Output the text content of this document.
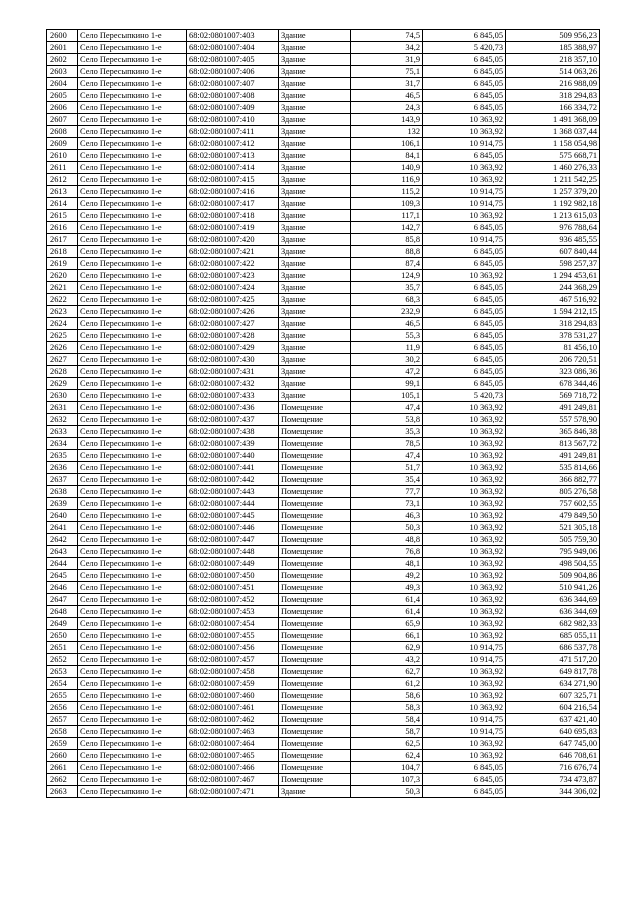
2600	Село Пересыпкино 1-е	68:02:0801007:403	Здание	74,5	6 845,05	509 956,23
2601	Село Пересыпкино 1-е	68:02:0801007:404	Здание	34,2	5 420,73	185 388,97
2602	Село Пересыпкино 1-е	68:02:0801007:405	Здание	31,9	6 845,05	218 357,10
2603	Село Пересыпкино 1-е	68:02:0801007:406	Здание	75,1	6 845,05	514 063,26
2604	Село Пересыпкино 1-е	68:02:0801007:407	Здание	31,7	6 845,05	216 988,09
2605	Село Пересыпкино 1-е	68:02:0801007:408	Здание	46,5	6 845,05	318 294,83
2606	Село Пересыпкино 1-е	68:02:0801007:409	Здание	24,3	6 845,05	166 334,72
2607	Село Пересыпкино 1-е	68:02:0801007:410	Здание	143,9	10 363,92	1 491 368,09
2608	Село Пересыпкино 1-е	68:02:0801007:411	Здание	132	10 363,92	1 368 037,44
2609	Село Пересыпкино 1-е	68:02:0801007:412	Здание	106,1	10 914,75	1 158 054,98
2610	Село Пересыпкино 1-е	68:02:0801007:413	Здание	84,1	6 845,05	575 668,71
2611	Село Пересыпкино 1-е	68:02:0801007:414	Здание	140,9	10 363,92	1 460 276,33
2612	Село Пересыпкино 1-е	68:02:0801007:415	Здание	116,9	10 363,92	1 211 542,25
2613	Село Пересыпкино 1-е	68:02:0801007:416	Здание	115,2	10 914,75	1 257 379,20
2614	Село Пересыпкино 1-е	68:02:0801007:417	Здание	109,3	10 914,75	1 192 982,18
2615	Село Пересыпкино 1-е	68:02:0801007:418	Здание	117,1	10 363,92	1 213 615,03
2616	Село Пересыпкино 1-е	68:02:0801007:419	Здание	142,7	6 845,05	976 788,64
2617	Село Пересыпкино 1-е	68:02:0801007:420	Здание	85,8	10 914,75	936 485,55
2618	Село Пересыпкино 1-е	68:02:0801007:421	Здание	88,8	6 845,05	607 840,44
2619	Село Пересыпкино 1-е	68:02:0801007:422	Здание	87,4	6 845,05	598 257,37
2620	Село Пересыпкино 1-е	68:02:0801007:423	Здание	124,9	10 363,92	1 294 453,61
2621	Село Пересыпкино 1-е	68:02:0801007:424	Здание	35,7	6 845,05	244 368,29
2622	Село Пересыпкино 1-е	68:02:0801007:425	Здание	68,3	6 845,05	467 516,92
2623	Село Пересыпкино 1-е	68:02:0801007:426	Здание	232,9	6 845,05	1 594 212,15
2624	Село Пересыпкино 1-е	68:02:0801007:427	Здание	46,5	6 845,05	318 294,83
2625	Село Пересыпкино 1-е	68:02:0801007:428	Здание	55,3	6 845,05	378 531,27
2626	Село Пересыпкино 1-е	68:02:0801007:429	Здание	11,9	6 845,05	81 456,10
2627	Село Пересыпкино 1-е	68:02:0801007:430	Здание	30,2	6 845,05	206 720,51
2628	Село Пересыпкино 1-е	68:02:0801007:431	Здание	47,2	6 845,05	323 086,36
2629	Село Пересыпкино 1-е	68:02:0801007:432	Здание	99,1	6 845,05	678 344,46
2630	Село Пересыпкино 1-е	68:02:0801007:433	Здание	105,1	5 420,73	569 718,72
2631	Село Пересыпкино 1-е	68:02:0801007:436	Помещение	47,4	10 363,92	491 249,81
2632	Село Пересыпкино 1-е	68:02:0801007:437	Помещение	53,8	10 363,92	557 578,90
2633	Село Пересыпкино 1-е	68:02:0801007:438	Помещение	35,3	10 363,92	365 846,38
2634	Село Пересыпкино 1-е	68:02:0801007:439	Помещение	78,5	10 363,92	813 567,72
2635	Село Пересыпкино 1-е	68:02:0801007:440	Помещение	47,4	10 363,92	491 249,81
2636	Село Пересыпкино 1-е	68:02:0801007:441	Помещение	51,7	10 363,92	535 814,66
2637	Село Пересыпкино 1-е	68:02:0801007:442	Помещение	35,4	10 363,92	366 882,77
2638	Село Пересыпкино 1-е	68:02:0801007:443	Помещение	77,7	10 363,92	805 276,58
2639	Село Пересыпкино 1-е	68:02:0801007:444	Помещение	73,1	10 363,92	757 602,55
2640	Село Пересыпкино 1-е	68:02:0801007:445	Помещение	46,3	10 363,92	479 849,50
2641	Село Пересыпкино 1-е	68:02:0801007:446	Помещение	50,3	10 363,92	521 305,18
2642	Село Пересыпкино 1-е	68:02:0801007:447	Помещение	48,8	10 363,92	505 759,30
2643	Село Пересыпкино 1-е	68:02:0801007:448	Помещение	76,8	10 363,92	795 949,06
2644	Село Пересыпкино 1-е	68:02:0801007:449	Помещение	48,1	10 363,92	498 504,55
2645	Село Пересыпкино 1-е	68:02:0801007:450	Помещение	49,2	10 363,92	509 904,86
2646	Село Пересыпкино 1-е	68:02:0801007:451	Помещение	49,3	10 363,92	510 941,26
2647	Село Пересыпкино 1-е	68:02:0801007:452	Помещение	61,4	10 363,92	636 344,69
2648	Село Пересыпкино 1-е	68:02:0801007:453	Помещение	61,4	10 363,92	636 344,69
2649	Село Пересыпкино 1-е	68:02:0801007:454	Помещение	65,9	10 363,92	682 982,33
2650	Село Пересыпкино 1-е	68:02:0801007:455	Помещение	66,1	10 363,92	685 055,11
2651	Село Пересыпкино 1-е	68:02:0801007:456	Помещение	62,9	10 914,75	686 537,78
2652	Село Пересыпкино 1-е	68:02:0801007:457	Помещение	43,2	10 914,75	471 517,20
2653	Село Пересыпкино 1-е	68:02:0801007:458	Помещение	62,7	10 363,92	649 817,78
2654	Село Пересыпкино 1-е	68:02:0801007:459	Помещение	61,2	10 363,92	634 271,90
2655	Село Пересыпкино 1-е	68:02:0801007:460	Помещение	58,6	10 363,92	607 325,71
2656	Село Пересыпкино 1-е	68:02:0801007:461	Помещение	58,3	10 363,92	604 216,54
2657	Село Пересыпкино 1-е	68:02:0801007:462	Помещение	58,4	10 914,75	637 421,40
2658	Село Пересыпкино 1-е	68:02:0801007:463	Помещение	58,7	10 914,75	640 695,83
2659	Село Пересыпкино 1-е	68:02:0801007:464	Помещение	62,5	10 363,92	647 745,00
2660	Село Пересыпкино 1-е	68:02:0801007:465	Помещение	62,4	10 363,92	646 708,61
2661	Село Пересыпкино 1-е	68:02:0801007:466	Помещение	104,7	6 845,05	716 676,74
2662	Село Пересыпкино 1-е	68:02:0801007:467	Помещение	107,3	6 845,05	734 473,87
2663	Село Пересыпкино 1-е	68:02:0801007:471	Здание	50,3	6 845,05	344 306,02
